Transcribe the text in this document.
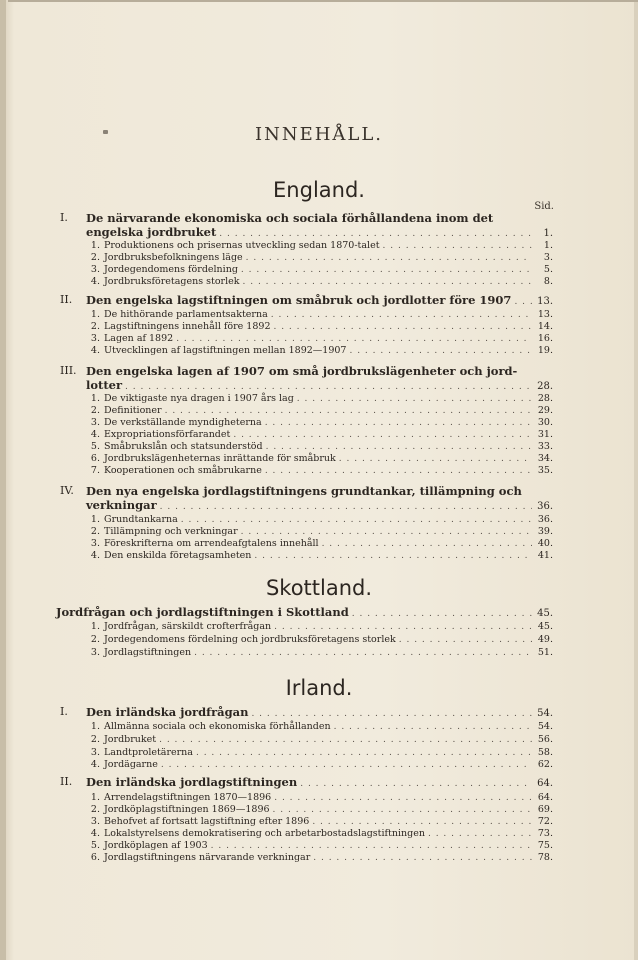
INNEHÅLL.
England.
Sid.
I. De närvarande ekonomiska och sociala förhållandena inom det
engelska jordbruket . . .	1.
1. Produktionens och prisernas utveckling sedan 1870-talet . . .	1.
2. Jordbruksbefolkningens läge . . .	3.
3. Jordegendomens fördelning . . .	5.
4. Jordbruksföretagens storlek . . .	8.
II. Den engelska lagstiftningen om småbruk och jordlotter före 1907 . . .	13.
1. De hithörande parlamentsakterna . . .	13.
2. Lagstiftningens innehåll före 1892 . . .	14.
3. Lagen af 1892 . . .	16.
4. Utvecklingen af lagstiftningen mellan 1892—1907 . . .	19.
III. Den engelska lagen af 1907 om små jordbrukslägenheter och jord-
lotter . . .	28.
1. De viktigaste nya dragen i 1907 års lag . . .	28.
2. Definitioner . . .	29.
3. De verkställande myndigheterna . . .	30.
4. Expropriationsförfarandet . . .	31.
5. Småbrukslån och statsunderstöd . . .	33.
6. Jordbrukslägenheternas inrättande för småbruk . . .	34.
7. Kooperationen och småbrukarne . . .	35.
IV. Den nya engelska jordlagstiftningens grundtankar, tillämpning och
verkningar . . .	36.
1. Grundtankarna . . .	36.
2. Tillämpning och verkningar . . .	39.
3. Föreskrifterna om arrendeafgtalens innehåll . . .	40.
4. Den enskilda företagsamheten . . .	41.
Skottland.
Jordfrågan och jordlagstiftningen i Skottland . . .	45.
1. Jordfrågan, särskildt crofterfrågan . . .	45.
2. Jordegendomens fördelning och jordbruksföretagens storlek . . .	49.
3. Jordlagstiftningen . . .	51.
Irland.
I. Den irländska jordfrågan . . .	54.
1. Allmänna sociala och ekonomiska förhållanden . . .	54.
2. Jordbruket . . .	56.
3. Landtproletärerna . . .	58.
4. Jordägarne . . .	62.
II. Den irländska jordlagstiftningen . . .	64.
1. Arrendelagstiftningen 1870—1896 . . .	64.
2. Jordköplagstiftningen 1869—1896 . . .	69.
3. Behofvet af fortsatt lagstiftning efter 1896 . . .	72.
4. Lokalstyrelsens demokratisering och arbetarbostadslagstiftningen . . .	73.
5. Jordköplagen af 1903 . . .	75.
6. Jordlagstiftningens närvarande verkningar . . .	78.
